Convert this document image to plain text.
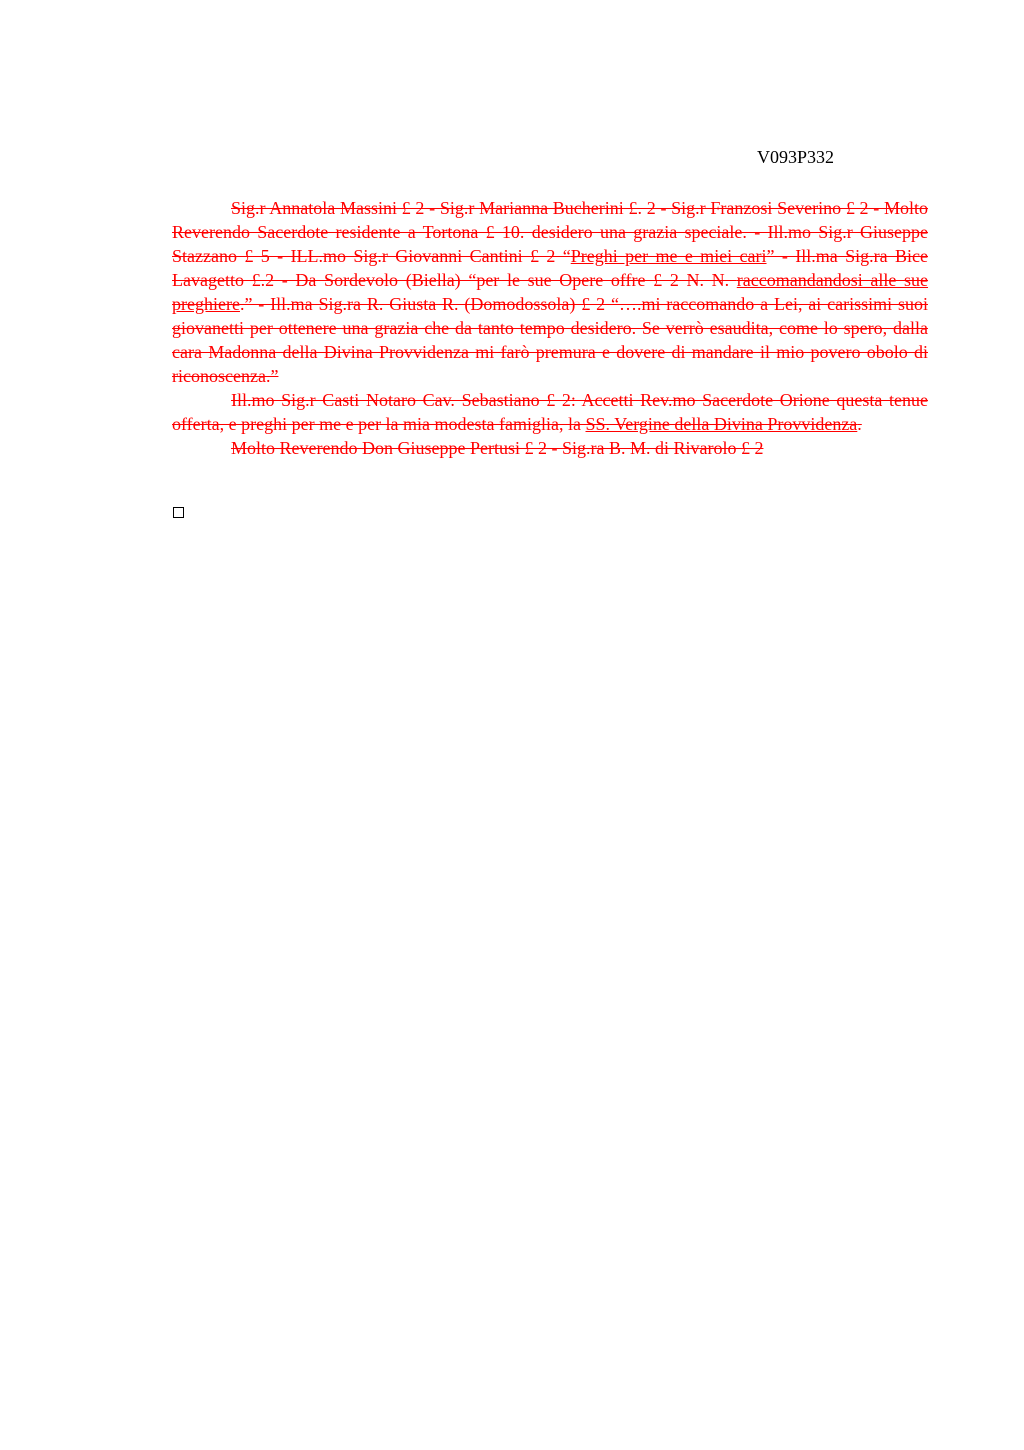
V093P332

Sig.r Annatola Massini £ 2 - Sig.r Marianna Bucherini £. 2 - Sig.r Franzosi Severino £ 2 - Molto Reverendo Sacerdote residente a Tortona £ 10. desidero una grazia speciale. - Ill.mo Sig.r Giuseppe Stazzano £ 5 - ILL.mo Sig.r Giovanni Cantini £ 2 “Preghi per me e miei cari” - Ill.ma Sig.ra Bice Lavagetto £.2 - Da Sordevolo (Biella) “per le sue Opere offre £ 2 N. N. raccomandandosi alle sue preghiere.” - Ill.ma Sig.ra R. Giusta R. (Domodossola) £ 2 “….mi raccomando a Lei, ai carissimi suoi giovanetti per ottenere una grazia che da tanto tempo desidero. Se verrò esaudita, come lo spero, dalla cara Madonna della Divina Provvidenza mi farò premura e dovere di mandare il mio povero obolo di riconoscenza.”

Ill.mo Sig.r Casti Notaro Cav. Sebastiano £ 2: Accetti Rev.mo Sacerdote Orione questa tenue offerta, e preghi per me e per la mia modesta famiglia, la SS. Vergine della Divina Provvidenza.

Molto Reverendo Don Giuseppe Pertusi £ 2 - Sig.ra B. M. di Rivarolo £ 2
